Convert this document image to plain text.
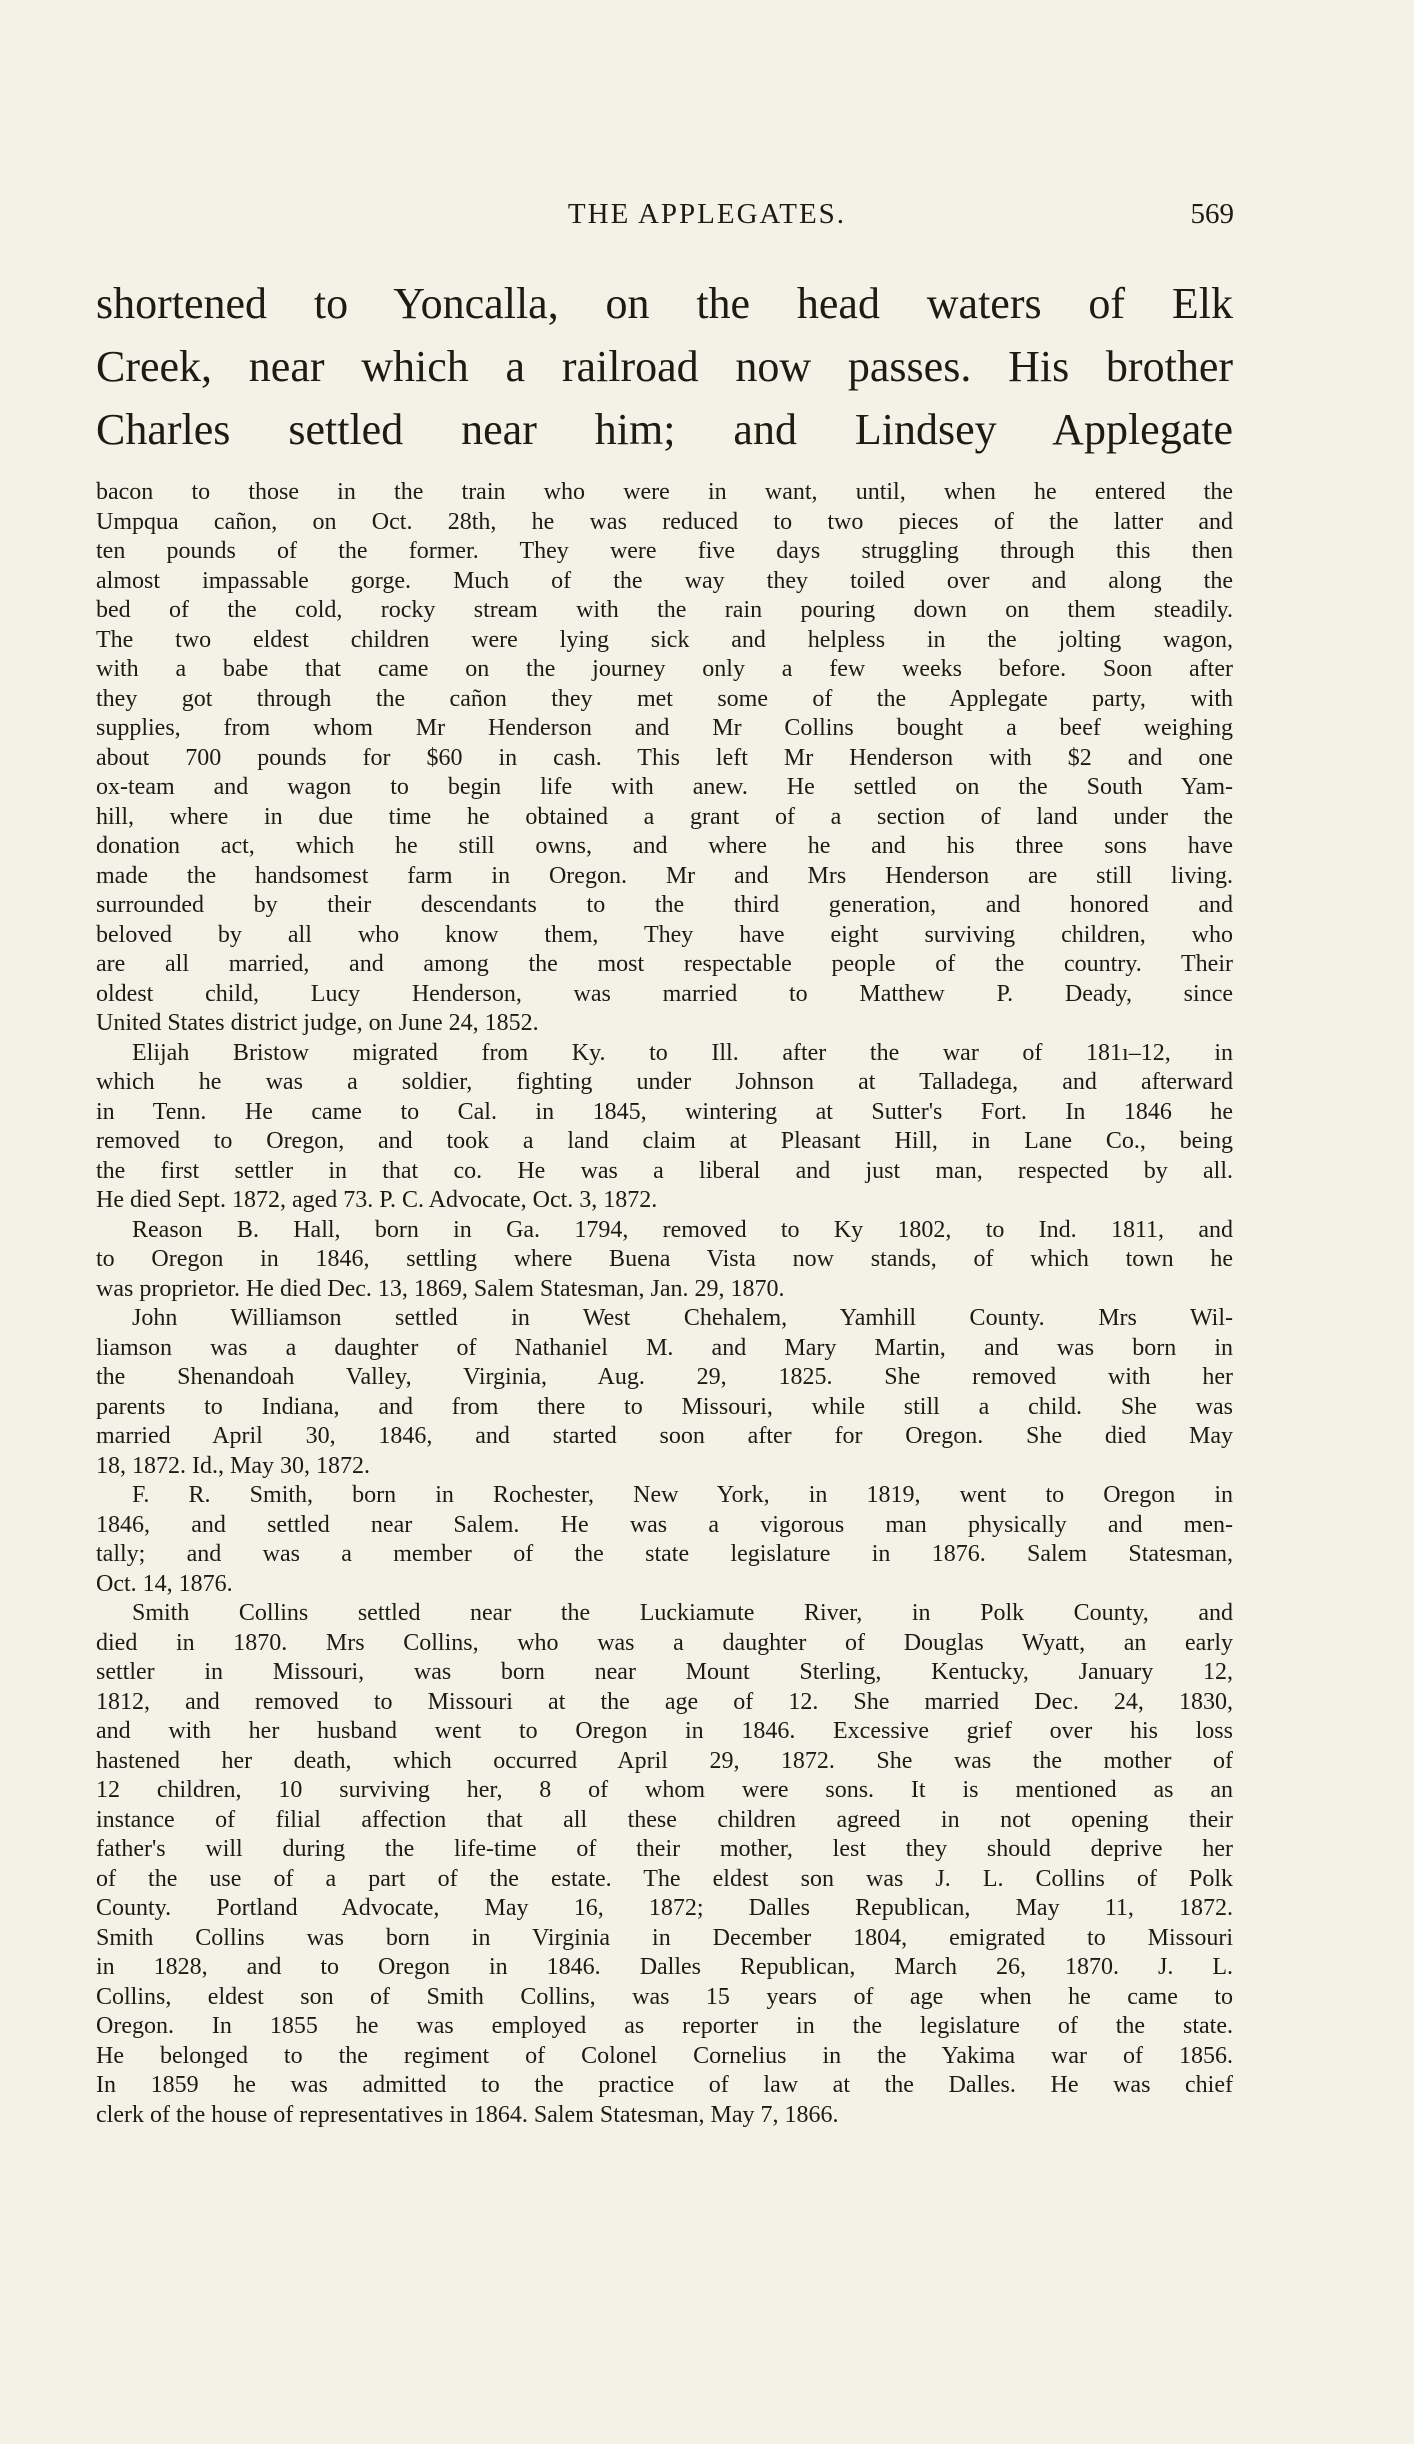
THE APPLEGATES.	569
shortened to Yoncalla, on the head waters of Elk
Creek, near which a railroad now passes. His brother
Charles settled near him; and Lindsey Applegate
bacon to those in the train who were in want, until, when he entered the
Umpqua cañon, on Oct. 28th, he was reduced to two pieces of the latter and
ten pounds of the former. They were five days struggling through this then
almost impassable gorge. Much of the way they toiled over and along the
bed of the cold, rocky stream with the rain pouring down on them steadily.
The two eldest children were lying sick and helpless in the jolting wagon,
with a babe that came on the journey only a few weeks before. Soon after
they got through the cañon they met some of the Applegate party, with
supplies, from whom Mr Henderson and Mr Collins bought a beef weighing
about 700 pounds for $60 in cash. This left Mr Henderson with $2 and one
ox-team and wagon to begin life with anew. He settled on the South Yam-
hill, where in due time he obtained a grant of a section of land under the
donation act, which he still owns, and where he and his three sons have
made the handsomest farm in Oregon. Mr and Mrs Henderson are still living.
surrounded by their descendants to the third generation, and honored and
beloved by all who know them, They have eight surviving children, who
are all married, and among the most respectable people of the country. Their
oldest child, Lucy Henderson, was married to Matthew P. Deady, since
United States district judge, on June 24, 1852.
Elijah Bristow migrated from Ky. to Ill. after the war of 181ı–12, in
which he was a soldier, fighting under Johnson at Talladega, and afterward
in Tenn. He came to Cal. in 1845, wintering at Sutter's Fort. In 1846 he
removed to Oregon, and took a land claim at Pleasant Hill, in Lane Co., being
the first settler in that co. He was a liberal and just man, respected by all.
He died Sept. 1872, aged 73. P. C. Advocate, Oct. 3, 1872.
Reason B. Hall, born in Ga. 1794, removed to Ky 1802, to Ind. 1811, and
to Oregon in 1846, settling where Buena Vista now stands, of which town he
was proprietor. He died Dec. 13, 1869, Salem Statesman, Jan. 29, 1870.
John Williamson settled in West Chehalem, Yamhill County. Mrs Wil-
liamson was a daughter of Nathaniel M. and Mary Martin, and was born in
the Shenandoah Valley, Virginia, Aug. 29, 1825. She removed with her
parents to Indiana, and from there to Missouri, while still a child. She was
married April 30, 1846, and started soon after for Oregon. She died May
18, 1872. Id., May 30, 1872.
F. R. Smith, born in Rochester, New York, in 1819, went to Oregon in
1846, and settled near Salem. He was a vigorous man physically and men-
tally; and was a member of the state legislature in 1876. Salem Statesman,
Oct. 14, 1876.
Smith Collins settled near the Luckiamute River, in Polk County, and
died in 1870. Mrs Collins, who was a daughter of Douglas Wyatt, an early
settler in Missouri, was born near Mount Sterling, Kentucky, January 12,
1812, and removed to Missouri at the age of 12. She married Dec. 24, 1830,
and with her husband went to Oregon in 1846. Excessive grief over his loss
hastened her death, which occurred April 29, 1872. She was the mother of
12 children, 10 surviving her, 8 of whom were sons. It is mentioned as an
instance of filial affection that all these children agreed in not opening their
father's will during the life-time of their mother, lest they should deprive her
of the use of a part of the estate. The eldest son was J. L. Collins of Polk
County. Portland Advocate, May 16, 1872; Dalles Republican, May 11, 1872.
Smith Collins was born in Virginia in December 1804, emigrated to Missouri
in 1828, and to Oregon in 1846. Dalles Republican, March 26, 1870. J. L.
Collins, eldest son of Smith Collins, was 15 years of age when he came to
Oregon. In 1855 he was employed as reporter in the legislature of the state.
He belonged to the regiment of Colonel Cornelius in the Yakima war of 1856.
In 1859 he was admitted to the practice of law at the Dalles. He was chief
clerk of the house of representatives in 1864. Salem Statesman, May 7, 1866.
